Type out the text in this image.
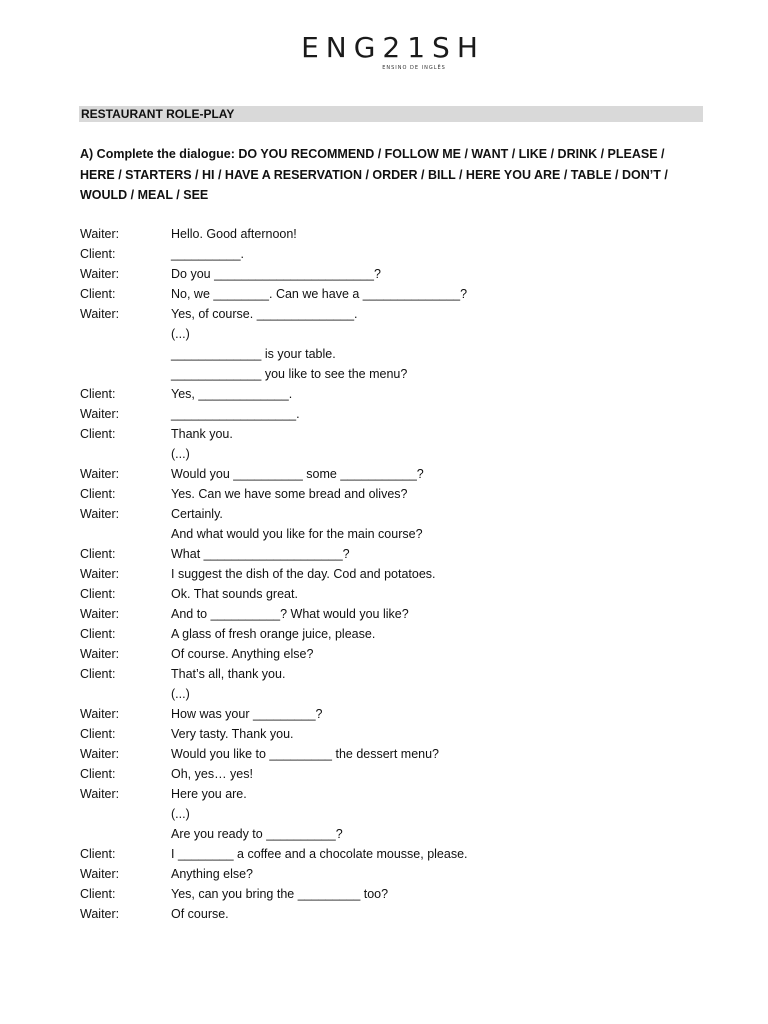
ENG21SH
ENSINO DE INGLÊS
RESTAURANT ROLE-PLAY
A) Complete the dialogue: DO YOU RECOMMEND / FOLLOW ME / WANT / LIKE / DRINK / PLEASE / HERE / STARTERS / HI / HAVE A RESERVATION / ORDER / BILL / HERE YOU ARE / TABLE / DON’T / WOULD / MEAL / SEE
Waiter:	Hello. Good afternoon!
Client:	__________.
Waiter:	Do you _______________________?
Client:	No, we ________. Can we have a ______________?
Waiter:	Yes, of course. ______________.
(...)
_____________ is your table.
_____________ you like to see the menu?
Client:	Yes, _____________.
Waiter:	__________________.
Client:	Thank you.
(...)
Waiter:	Would you __________ some ___________?
Client:	Yes. Can we have some bread and olives?
Waiter:	Certainly.
And what would you like for the main course?
Client:	What ____________________?
Waiter:	I suggest the dish of the day. Cod and potatoes.
Client:	Ok. That sounds great.
Waiter:	And to __________? What would you like?
Client:	A glass of fresh orange juice, please.
Waiter:	Of course. Anything else?
Client:	That’s all, thank you.
(...)
Waiter:	How was your _________?
Client:	Very tasty. Thank you.
Waiter:	Would you like to _________ the dessert menu?
Client:	Oh, yes… yes!
Waiter:	Here you are.
(...)
Are you ready to __________?
Client:	I ________ a coffee and a chocolate mousse, please.
Waiter:	Anything else?
Client:	Yes, can you bring the _________ too?
Waiter:	Of course.
